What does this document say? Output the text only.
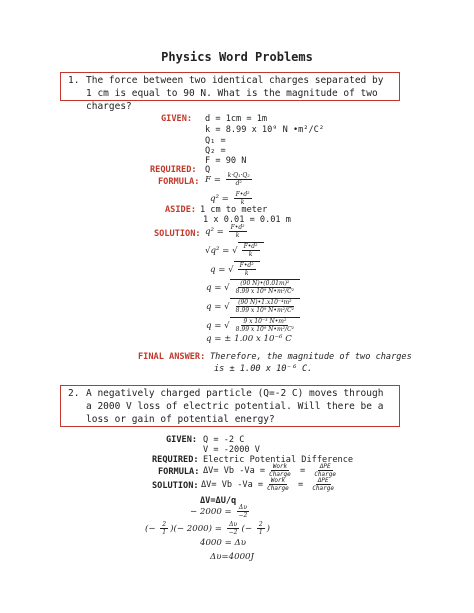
Physics Word Problems
1. The force between two identical charges separated by 1 cm is equal to 90 N. What is the magnitude of two charges?
GIVEN: d = 1cm = 1m
k = 8.99 x 10⁹ N •m²/C²
Q₁ =
Q₂ =
F = 90 N
REQUIRED: Q
FORMULA: $F = \frac{\text{k·Q₁·Q₂}}{\text{d²}}$
$q^2 = \frac{\text{F•d²}}{k}$
ASIDE: 1 cm to meter
1 x 0.01 = 0.01 m
SOLUTION: $q^2 = \frac{\text{F•d²}}{k}$
√q² = √ $\frac{\text{F•d²}}{k}$
q = √ $\frac{\text{F•d²}}{k}$
q = √ $\frac{\text{(90 N)•(0.01m)²}}{\text{8.99 x 10⁹ N•m²/C²}}$
q = √ $\frac{\text{(90 N)•1.x10⁻⁴m²}}{\text{8.99 x 10⁹ N•m²/C²}}$
q = √ $\frac{\text{9 x 10⁻³ N•m²}}{\text{8.99 x 10⁹ N•m²/C²}}$
q = ± 1.00 x 10⁻⁶ C
FINAL ANSWER: Therefore, the magnitude of two charges
is ± 1.00 x 10⁻⁶ C.
2. A negatively charged particle (Q=-2 C) moves through a 2000 V loss of electric potential. Will there be a loss or gain of potential energy?
GIVEN: Q = -2 C
V = -2000 V
REQUIRED: Electric Potential Difference
FORMULA: ΔV= Vb $-Va = \frac{\text{Work}}{\text{Charge}} = \frac{\text{ΔPE}}{\text{Charge}}$
SOLUTION: ΔV= Vb $-Va = \frac{\text{Work}}{\text{Charge}} = \frac{\text{ΔPE}}{\text{Charge}}$
ΔV=ΔU/q
− $2000 = \frac{\Delta\upsilon}{-2}$
(− $\frac{2}{1}$ )(− $2000) = \frac{\Delta\upsilon}{-2}$ (− $\frac{2}{1}$ )
4000 = Δυ
Δυ=4000J
